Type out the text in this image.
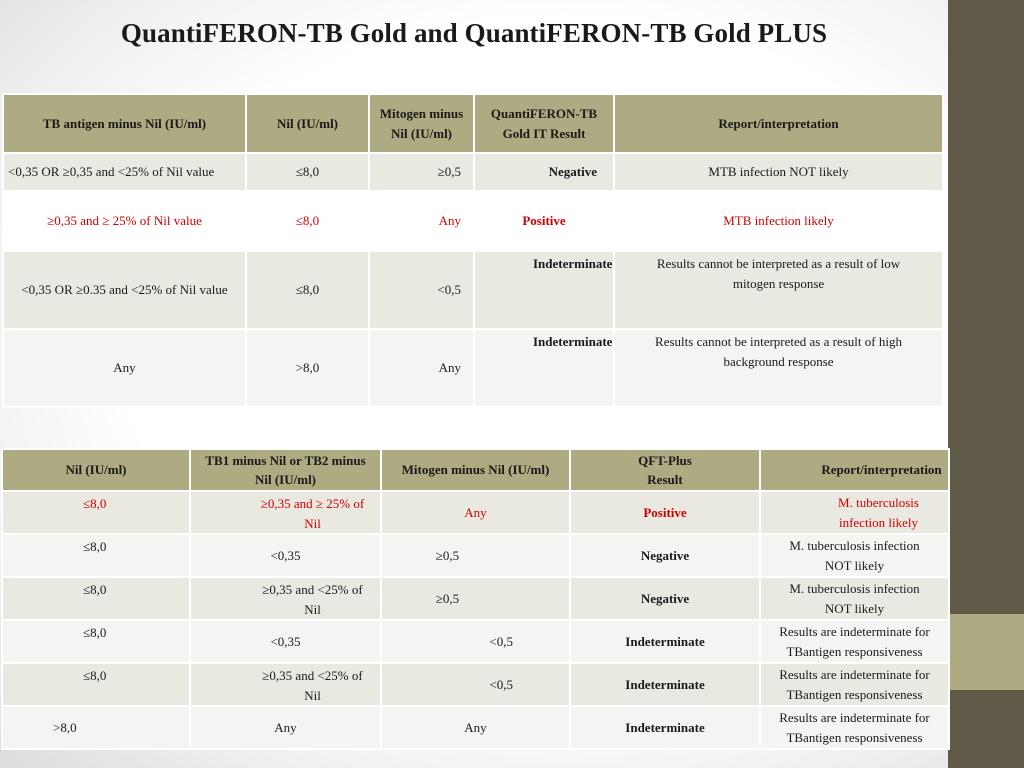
QuantiFERON-TB Gold and QuantiFERON-TB Gold PLUS
TB antigen minus Nil (IU/ml)	Nil (IU/ml)	Mitogen minus Nil (IU/ml)	QuantiFERON-TB Gold IT Result	Report/interpretation
<0,35 OR ≥0,35 and <25% of Nil value	≤8,0	≥0,5	Negative	MTB infection NOT likely
≥0,35 and ≥ 25% of Nil value	≤8,0	Any	Positive	MTB infection likely
<0,35 OR ≥0.35 and <25% of Nil value	≤8,0	<0,5	Indeterminate	Results cannot be interpreted as a result of low mitogen response
Any	>8,0	Any	Indeterminate	Results cannot be interpreted as a result of high background response
Nil (IU/ml)	TB1 minus Nil or TB2 minus Nil (IU/ml)	Mitogen minus Nil (IU/ml)	QFT-Plus Result	Report/interpretation
≤8,0	≥0,35 and ≥ 25% of Nil	Any	Positive	M. tuberculosis infection likely
≤8,0	<0,35	≥0,5	Negative	M. tuberculosis infection NOT likely
≤8,0	≥0,35 and <25% of Nil	≥0,5	Negative	M. tuberculosis infection NOT likely
≤8,0	<0,35	<0,5	Indeterminate	Results are indeterminate for TBantigen responsiveness
≤8,0	≥0,35 and <25% of Nil	<0,5	Indeterminate	Results are indeterminate for TBantigen responsiveness
>8,0	Any	Any	Indeterminate	Results are indeterminate for TBantigen responsiveness
